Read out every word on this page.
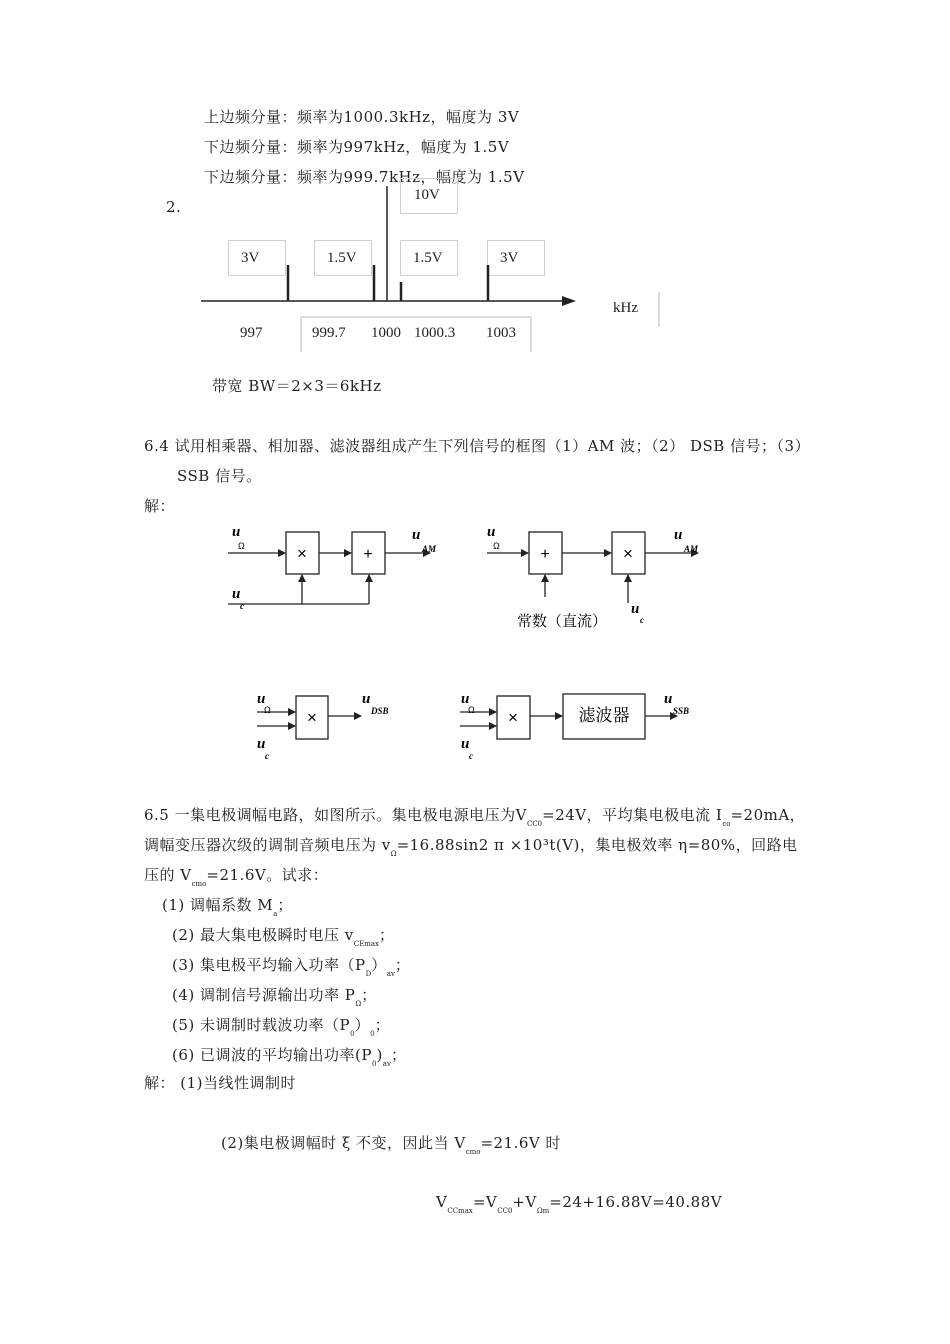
上边频分量：频率为1000.3kHz，幅度为 3V
下边频分量：频率为997kHz，幅度为 1.5V
下边频分量：频率为999.7kHz，幅度为 1.5V
2.
10V
3V	1.5V	1.5V	3V
kHz
997	999.7 1000 1000.3 1003
带宽 BW＝2×3＝6kHz
6.4 试用相乘器、相加器、滤波器组成产生下列信号的框图（1）AM 波；（2） DSB 信号；（3）
SSB 信号。
解：
u
Ω	×	+
u
AM
u
c
u
Ω	+	×
u
AM
常数（直流）
u
c
u
Ω
u
c
×
u
DSB
u
Ω
u
c
×	滤波器
u
SSB
6.5 一集电极调幅电路，如图所示。集电极电源电压为$V_{CC0}=24V$，平均集电极电流 $I_{co}=20mA$，
调幅变压器次级的调制音频电压为 $v_\Omega=16.88\sin 2$ π ×10³t(V)，集电极效率 η=80%，回路电
压的 $V_{cmo}=21.6V$。试求：
(1) 调幅系数 $M_a$；
(2) 最大集电极瞬时电压 $v_{CEmax}$；
(3) 集电极平均输入功率$(P_D)_{av}$；
(4) 调制信号源输出功率 $P_\Omega$；
(5) 未调制时载波功率$(P_0)_0$；
(6) 已调波的平均输出功率$(P_0)_{av}$；
解： (1)当线性调制时
(2)集电极调幅时 ξ 不变，因此当 $V_{cmo}=21.6V$ 时
$V_{CCmax}=V_{CC0}+V_{\Omega m}=24+16.88V=40.88V$
